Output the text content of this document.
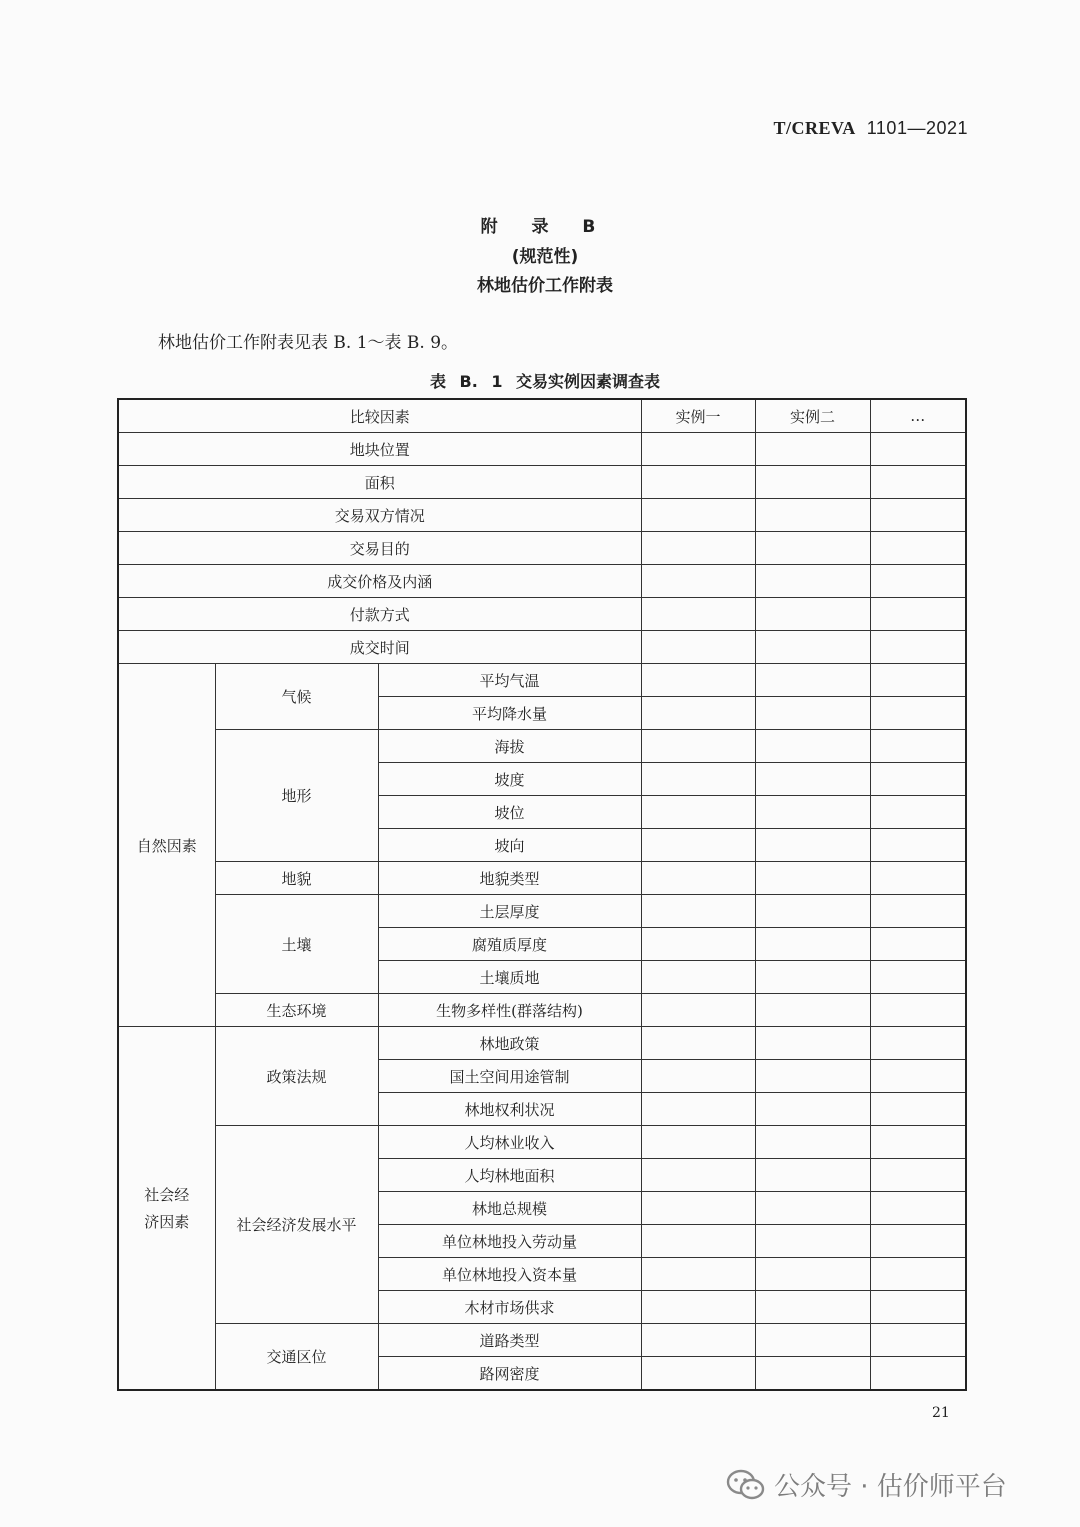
T/CREVA 1101—2021
附 录 B
(规范性)
林地估价工作附表
林地估价工作附表见表 B. 1～表 B. 9。
表 B. 1 交易实例因素调查表
比较因素			实例一	实例二	…
地块位置					
面积					
交易双方情况					
交易目的					
成交价格及内涵					
付款方式					
成交时间					
自然因素	气候	平均气温			
		平均降水量			
	地形	海拔			
		坡度			
		坡位			
		坡向			
	地貌	地貌类型			
	土壤	土层厚度			
		腐殖质厚度			
		土壤质地			
	生态环境	生物多样性(群落结构)			

社会经
济因素	政策法规	林地政策			
		国土空间用途管制			
		林地权利状况			
	社会经济发展水平	人均林业收入			
		人均林地面积			
		林地总规模			
		单位林地投入劳动量			
		单位林地投入资本量			
		木材市场供求			
	交通区位	道路类型			
		路网密度			
21
公众号 · 估价师平台
